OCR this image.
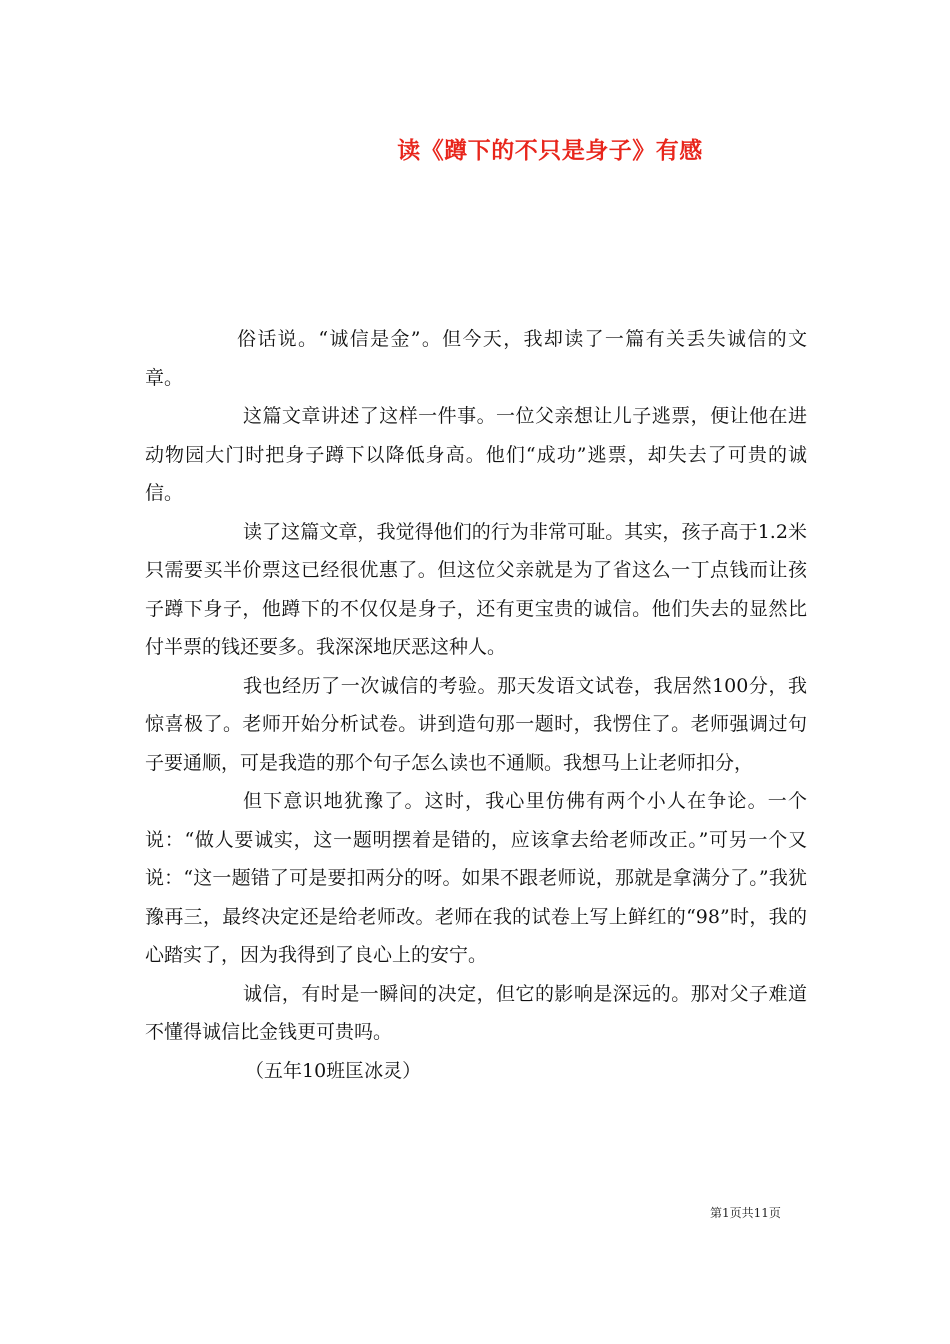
读《蹲下的不只是身子》有感

俗话说。“诚信是金”。但今天，我却读了一篇有关丢失诚信的文章。

这篇文章讲述了这样一件事。一位父亲想让儿子逃票，便让他在进动物园大门时把身子蹲下以降低身高。他们“成功”逃票，却失去了可贵的诚信。

读了这篇文章，我觉得他们的行为非常可耻。其实，孩子高于1.2米只需要买半价票这已经很优惠了。但这位父亲就是为了省这么一丁点钱而让孩子蹲下身子，他蹲下的不仅仅是身子，还有更宝贵的诚信。他们失去的显然比付半票的钱还要多。我深深地厌恶这种人。

我也经历了一次诚信的考验。那天发语文试卷，我居然100分，我惊喜极了。老师开始分析试卷。讲到造句那一题时，我愣住了。老师强调过句子要通顺，可是我造的那个句子怎么读也不通顺。我想马上让老师扣分，

但下意识地犹豫了。这时，我心里仿佛有两个小人在争论。一个说：“做人要诚实，这一题明摆着是错的，应该拿去给老师改正。”可另一个又说：“这一题错了可是要扣两分的呀。如果不跟老师说，那就是拿满分了。”我犹豫再三，最终决定还是给老师改。老师在我的试卷上写上鲜红的“98”时，我的心踏实了，因为我得到了良心上的安宁。

诚信，有时是一瞬间的决定，但它的影响是深远的。那对父子难道不懂得诚信比金钱更可贵吗。

（五年10班匡冰灵）

第1页共11页
